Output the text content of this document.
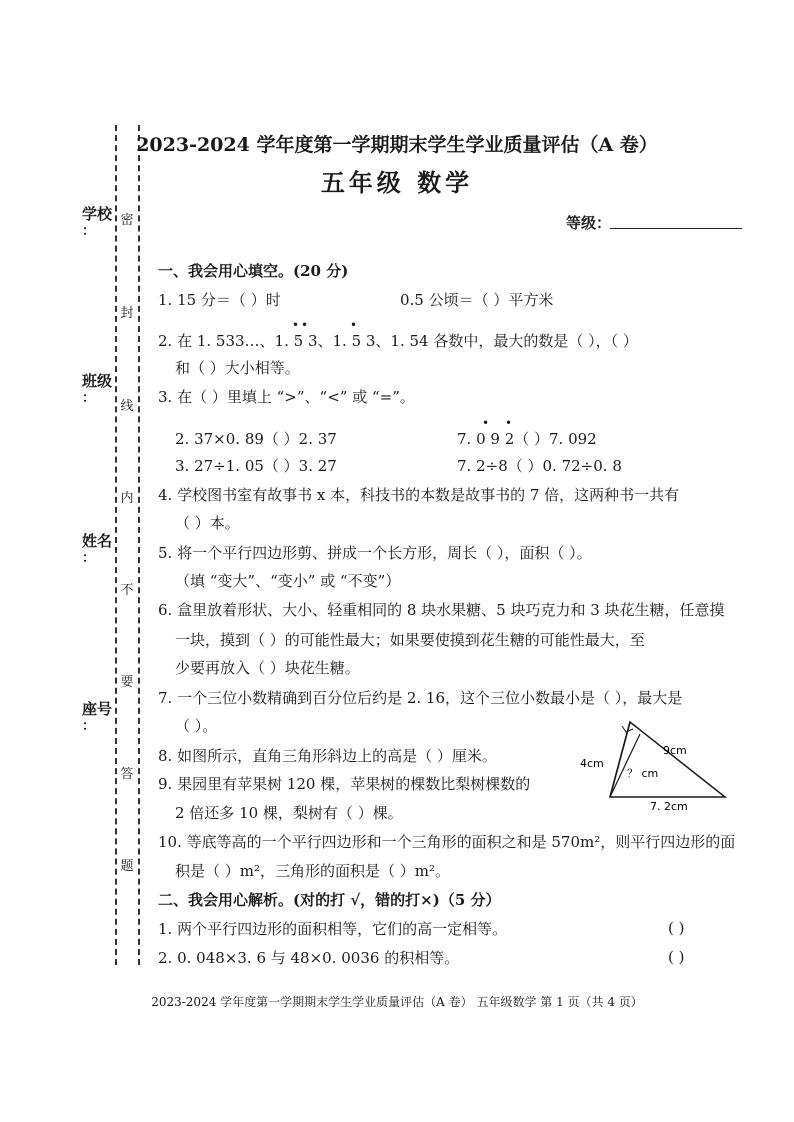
学校
：
班级
：
姓名
：
座号
：
密
封
线
内
不
要
答
题
2023-2024 学年度第一学期期末学生学业质量评估（A 卷）
五年级 数学
等级：
一、我会用心填空。(20 分)
1. 15 分＝（ ）时	0.5 公顷＝（ ）平方米
• •	•
2. 在 1. 533…、1. 5 3、1. 5 3、1. 54 各数中，最大的数是（ ），（ ）
和（ ）大小相等。
3. 在（ ）里填上 “>”、“<” 或 “=”。
• •
2. 37×0. 89（ ）2. 37	7. 0 9 2（ ）7. 092
3. 27÷1. 05（ ）3. 27	7. 2÷8（ ）0. 72÷0. 8
4. 学校图书室有故事书 x 本，科技书的本数是故事书的 7 倍，这两种书一共有
（ ）本。
5. 将一个平行四边形剪、拼成一个长方形，周长（ ），面积（ ）。
（填 “变大”、“变小” 或 “不变”）
6. 盒里放着形状、大小、轻重相同的 8 块水果糖、5 块巧克力和 3 块花生糖，任意摸
一块，摸到（ ）的可能性最大；如果要使摸到花生糖的可能性最大，至
少要再放入（ ）块花生糖。
7. 一个三位小数精确到百分位后约是 2. 16，这个三位小数最小是（ ），最大是
（ ）。
8. 如图所示，直角三角形斜边上的高是（ ）厘米。
9. 果园里有苹果树 120 棵，苹果树的棵数比梨树棵数的
2 倍还多 10 棵，梨树有（ ）棵。
10. 等底等高的一个平行四边形和一个三角形的面积之和是 570m²，则平行四边形的面
积是（ ）m²，三角形的面积是（ ）m²。
4cm
9cm
？ cm
7. 2cm
二、我会用心解析。(对的打 √，错的打×)（5 分）
1. 两个平行四边形的面积相等，它们的高一定相等。	( )
2. 0. 048×3. 6 与 48×0. 0036 的积相等。	( )
2023-2024 学年度第一学期期末学生学业质量评估（A 卷） 五年级数学 第 1 页（共 4 页）
